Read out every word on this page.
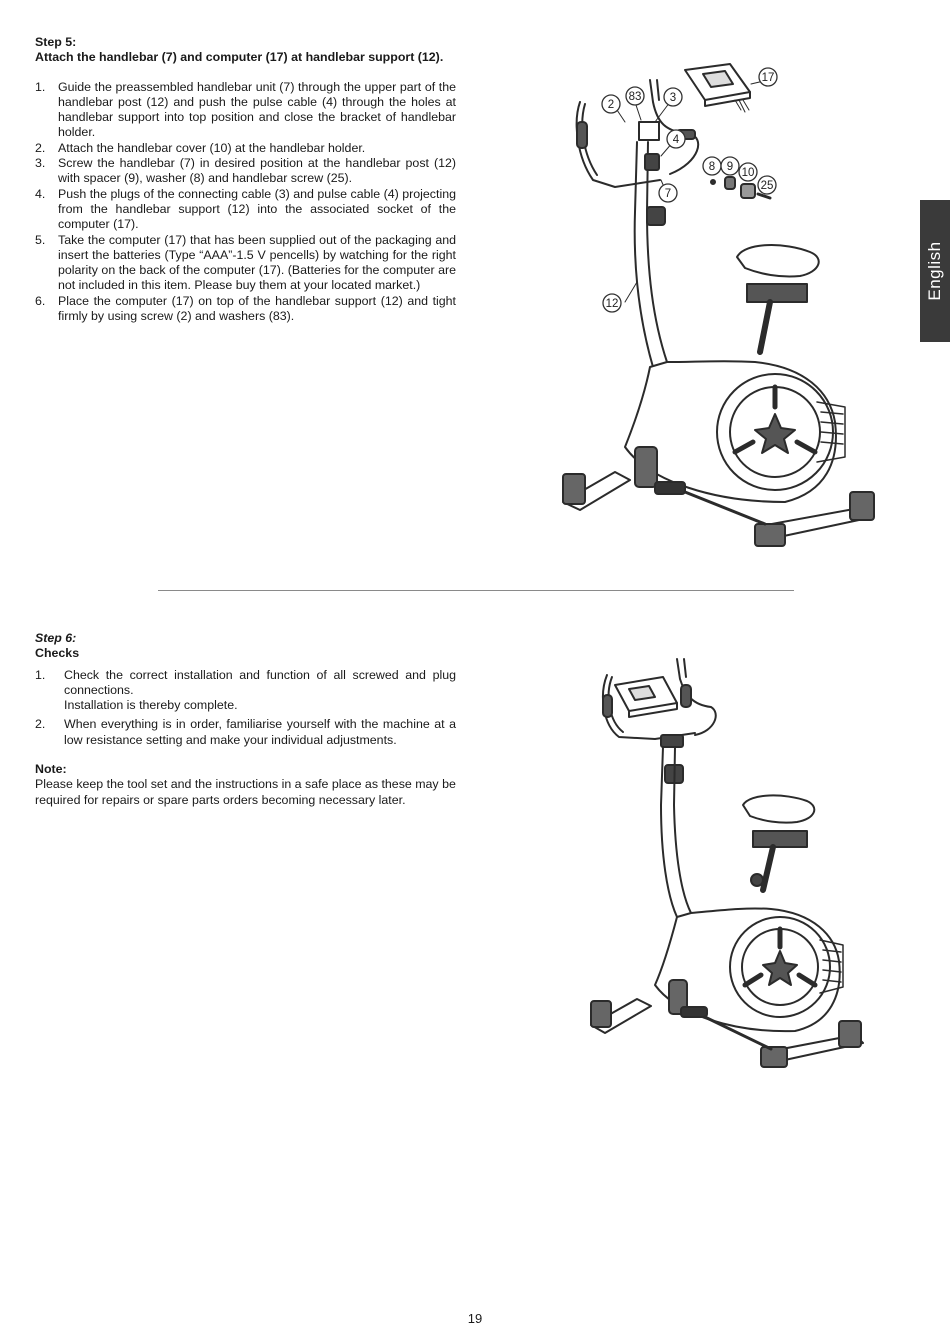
Step 5:

Attach the handlebar (7) and computer (17) at handlebar support (12).

1. Guide the preassembled handlebar unit (7) through the upper part of the handlebar post (12) and push the pulse cable (4) through the holes at handlebar support into top position and close the bracket of handlebar holder.
2. Attach the handlebar cover (10) at the handlebar holder.
3. Screw the handlebar (7) in desired position at the handlebar post (12) with spacer (9), washer (8) and handlebar screw (25).
4. Push the plugs of the connecting cable (3) and pulse cable (4) projecting from the handlebar support (12) into the associated socket of the computer (17).
5. Take the computer (17) that has been supplied out of the packaging and insert the batteries (Type “AAA”-1.5 V pencells) by watching for the right polarity on the back of the computer (17). (Batteries for the computer are not included in this item. Please buy them at your located market.)
6. Place the computer (17) on top of the handlebar support (12) and tight firmly by using screw (2) and washers (83).
English
2
83 3
4
17
8 9 10
25
7
12

Step 6:

Checks

1. Check the correct installation and function of all screwed and plug connections.
Installation is thereby complete.
2. When everything is in order, familiarise yourself with the machine at a low resistance setting and make your individual adjustments.

Note:

Please keep the tool set and the instructions in a safe place as these may be required for repairs or spare parts orders becoming necessary later.

19
